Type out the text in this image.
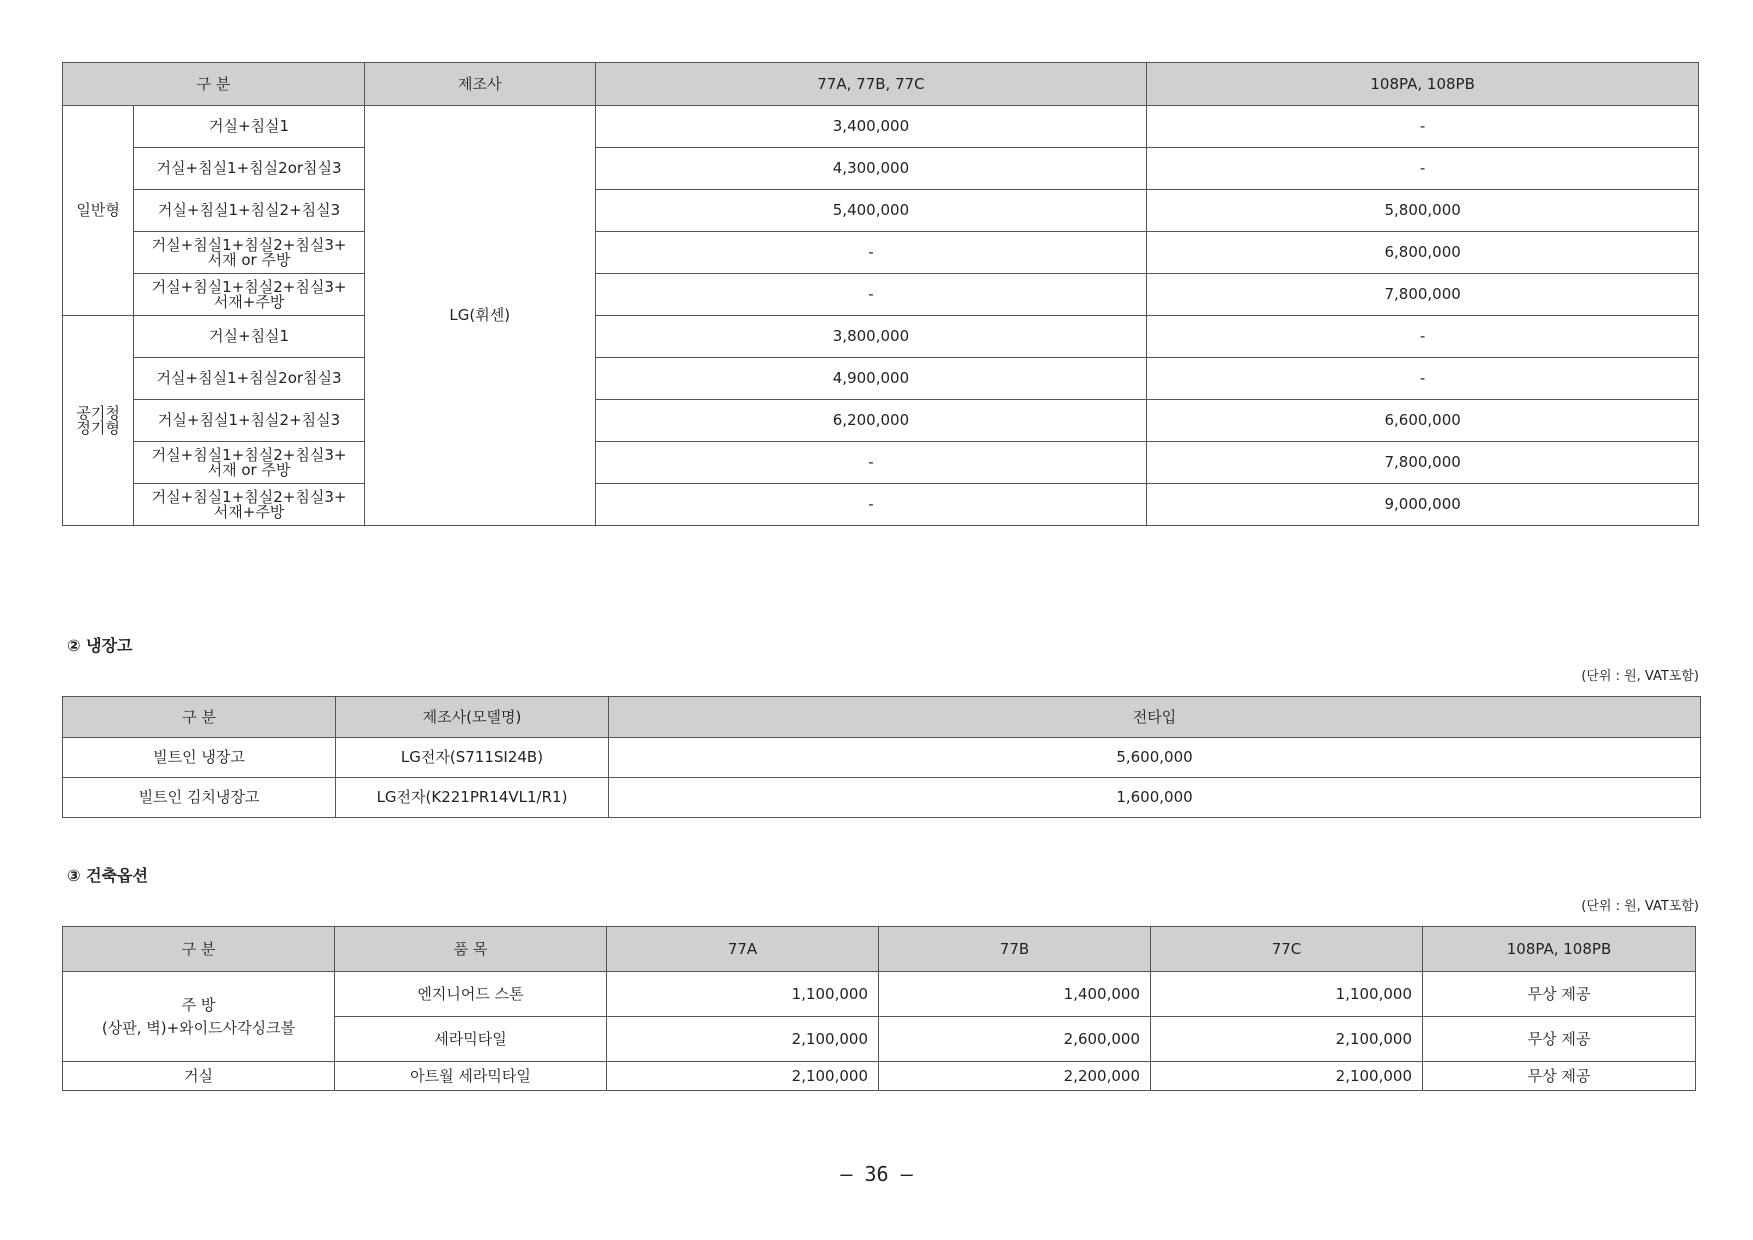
구 분		제조사	77A, 77B, 77C	108PA, 108PB
일반형	거실+침실1	LG(휘센)	3,400,000	-
	거실+침실1+침실2or침실3		4,300,000	-
	거실+침실1+침실2+침실3		5,400,000	5,800,000

	거실+침실1+침실2+침실3+
서재 or 주방		-	6,800,000

	거실+침실1+침실2+침실3+
서재+주방		-	7,800,000

공기청
정기형	거실+침실1		3,800,000	-
	거실+침실1+침실2or침실3		4,900,000	-
	거실+침실1+침실2+침실3		6,200,000	6,600,000

	거실+침실1+침실2+침실3+
서재 or 주방		-	7,800,000

	거실+침실1+침실2+침실3+
서재+주방		-	9,000,000
② 냉장고
(단위 : 원, VAT포함)
구 분	제조사(모델명)	전타입
빌트인 냉장고	LG전자(S711SI24B)	5,600,000
빌트인 김치냉장고	LG전자(K221PR14VL1/R1)	1,600,000
③ 건축옵션
(단위 : 원, VAT포함)
구 분	품 목	77A	77B	77C	108PA, 108PB

주 방
(상판, 벽)+와이드사각싱크볼	엔지니어드 스톤	1,100,000	1,400,000	1,100,000	무상 제공
	세라믹타일	2,100,000	2,600,000	2,100,000	무상 제공
거실	아트월 세라믹타일	2,100,000	2,200,000	2,100,000	무상 제공
— 36 —
